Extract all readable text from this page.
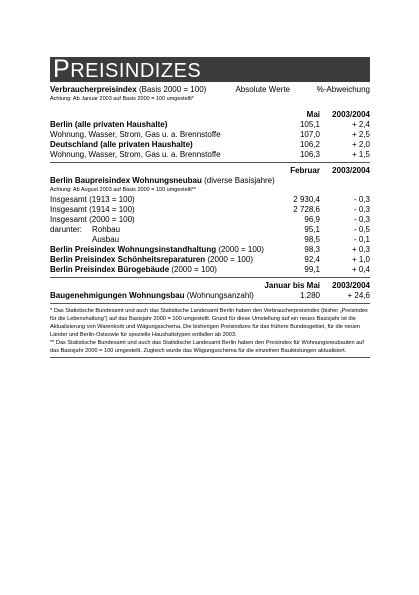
PREISINDIZES
Verbraucherpreisindex (Basis 2000 = 100)	Absolute Werte	%-Abweichung
Achtung: Ab Januar 2003 auf Basis 2000 = 100 umgestellt*
Mai 2003/2004
Berlin (alle privaten Haushalte)	105,1	+ 2,4
Wohnung, Wasser, Strom, Gas u. a. Brennstoffe	107,0	+ 2,5
Deutschland (alle privaten Haushalte)	106,2	+ 2,0
Wohnung, Wasser, Strom, Gas u. a. Brennstoffe	106,3	+ 1,5
Februar 2003/2004
Berlin Baupreisindex Wohnungsneubau (diverse Basisjahre)
Achtung: Ab August 2003 auf Basis 2000 = 100 umgestellt**
Insgesamt (1913 = 100)	2 930,4	- 0,3
Insgesamt (1914 = 100)	2 728,6	- 0,3
Insgesamt (2000 = 100)	96,9	- 0,3
darunter: Rohbau	95,1	- 0,5
Ausbau	98,5	- 0,1
Berlin Preisindex Wohnungsinstandhaltung (2000 = 100)	98,3	+ 0,3
Berlin Preisindex Schönheitsreparaturen (2000 = 100)	92,4	+ 1,0
Berlin Preisindex Bürogebäude (2000 = 100)	99,1	+ 0,4
Januar bis Mai 2003/2004
Baugenehmigungen Wohnungsbau (Wohnungsanzahl)	1.280	+ 24,6
* Das Statistische Bundesamt und auch das Statistische Landesamt Berlin haben den Verbraucherpreisindex (bisher „Preisindex für die Lebenshaltung“) auf das Basisjahr 2000 = 100 umgestellt. Grund für diese Umstellung auf ein neues Basisjahr ist die Aktualisierung von Warenkorb und Wägungsschema. Die bisherigen Preisindizes für das frühere Bundesgebiet, für die neuen Länder und Berlin-Ostsowie für spezielle Haushaltstypen entfallen ab 2003.
** Das Statistische Bundesamt und auch das Statistische Landesamt Berlin haben den Preisindex für Wohnungsneubauten auf das Basisjahr 2000 = 100 umgestellt. Zugleich wurde das Wägungsschema für die einzelnen Bauleistungen aktualisiert.
